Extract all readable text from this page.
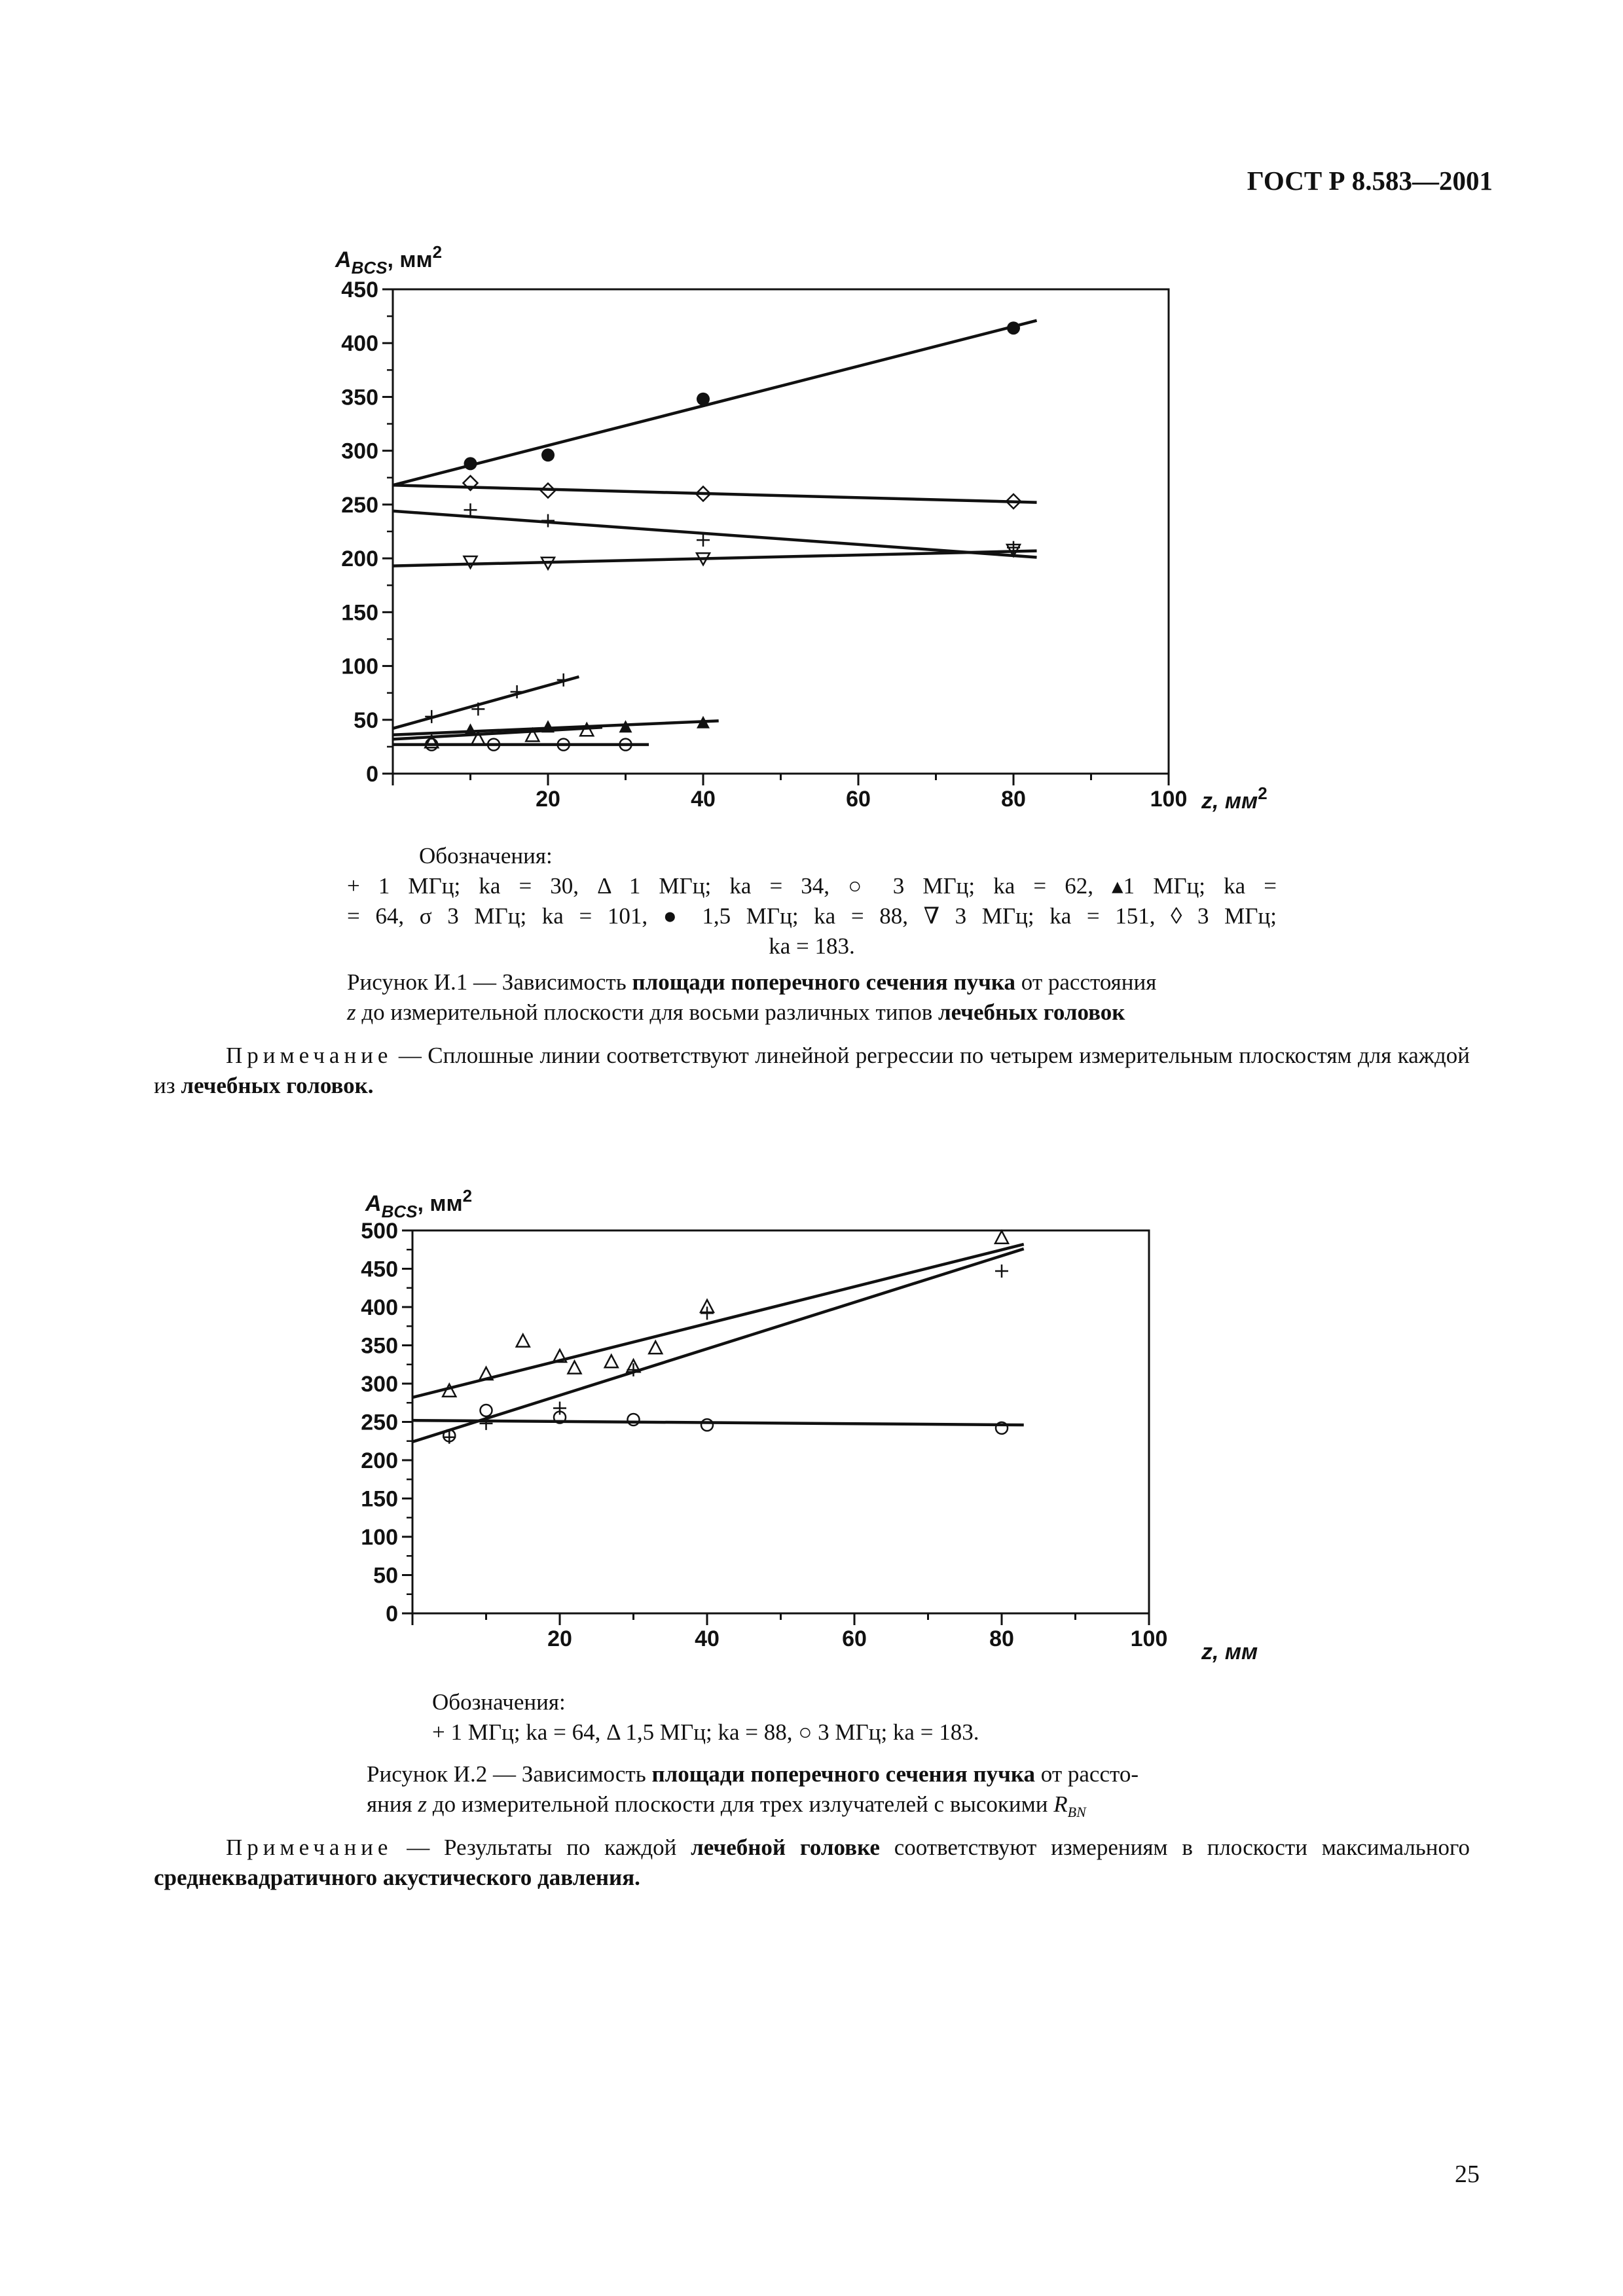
ГОСТ Р 8.583—2001
$A_{BCS}$, $мм^2$
z, $мм^2$
0
50
100
150
200
250
300
350
400
450
20	40	60	80	100
Обозначения:
+ 1 МГц; ka = 30, Δ 1 МГц; ka = 34, ○ 3 МГц; ka = 62, ▴1 МГц; ka =
= 64, σ 3 МГц; ka = 101, ● 1,5 МГц; ka = 88, ∇ 3 МГц; ka = 151, ◊ 3 МГц;
ka = 183.
Рисунок И.1 — Зависимость площади поперечного сечения пучка от расстояния
z до измерительной плоскости для восьми различных типов лечебных головок
Примечание — Сплошные линии соответствуют линейной регрессии по четырем измерительным плоскостям для каждой из лечебных головок.
$A_{BCS}$, $мм^2$
z, мм
0
50
100
150
200
250
300
350
400
450
500
20	40	60	80	100
Обозначения:
+ 1 МГц; ka = 64, Δ 1,5 МГц; ka = 88, ○ 3 МГц; ka = 183.
Рисунок И.2 — Зависимость площади поперечного сечения пучка от рассто-
яния z до измерительной плоскости для трех излучателей с высокими $R_{BN}$
Примечание — Результаты по каждой лечебной головке соответствуют измерениям в плоскости максимального среднеквадратичного акустического давления.
25
